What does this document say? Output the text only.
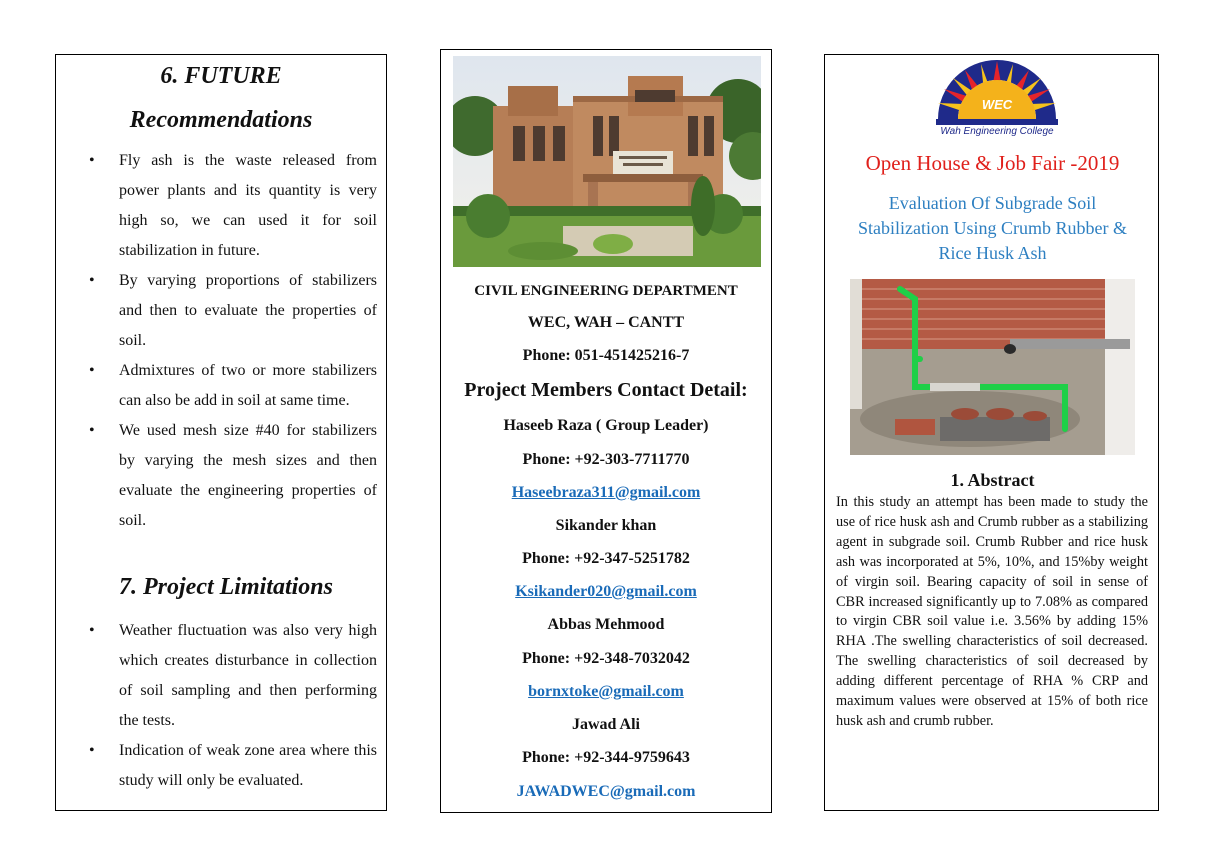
6. FUTURE
Recommendations
• Fly ash is the waste released from power plants and its quantity is very high so, we can used it for soil stabilization in future.
• By varying proportions of stabilizers and then to evaluate the properties of soil.
• Admixtures of two or more stabilizers can also be add in soil at same time.
• We used mesh size #40 for stabilizers by varying the mesh sizes and then evaluate the engineering properties of soil.
7. Project Limitations
• Weather fluctuation was also very high which creates disturbance in collection of soil sampling and then performing the tests.
• Indication of weak zone area where this study will only be evaluated.
CIVIL ENGINEERING DEPARTMENT
WEC, WAH – CANTT
Phone: 051-451425216-7
Project Members Contact Detail:
Haseeb Raza ( Group Leader)
Phone: +92-303-7711770
Haseebraza311@gmail.com
Sikander khan
Phone: +92-347-5251782
Ksikander020@gmail.com
Abbas Mehmood
Phone: +92-348-7032042
bornxtoke@gmail.com
Jawad Ali
Phone: +92-344-9759643
JAWADWEC@gmail.com
WEC
Wah Engineering College
Open House & Job Fair -2019
Evaluation Of Subgrade Soil
Stabilization Using Crumb Rubber &
Rice Husk Ash
1. Abstract

In this study an attempt has been made to study the use of rice husk ash and Crumb rubber as a stabilizing agent in subgrade soil. Crumb Rubber and rice husk ash was incorporated at 5%, 10%, and 15%by weight of virgin soil. Bearing capacity of soil in sense of CBR increased significantly up to 7.08% as compared to virgin CBR soil value i.e. 3.56% by adding 15% RHA .The swelling characteristics of soil decreased. The swelling characteristics of soil decreased by adding different percentage of RHA % CRP and maximum values were observed at 15% of both rice husk ash and crumb rubber.
